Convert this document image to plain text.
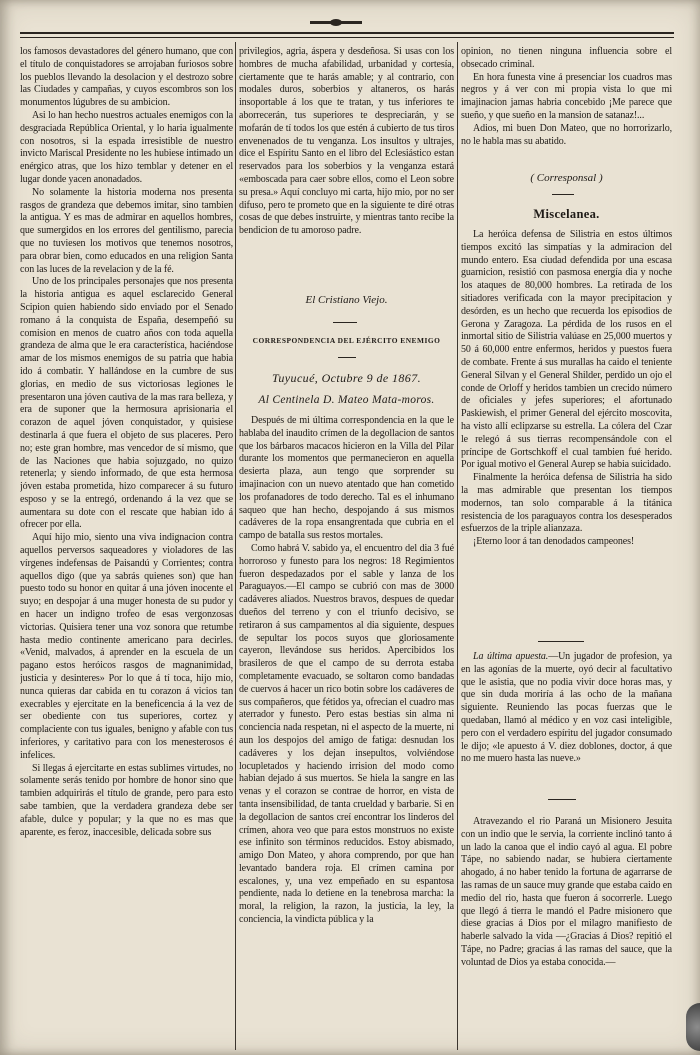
los famosos devastadores del género humano, que con el título de conquistadores se arrojaban furiosos sobre los pueblos llevando la desolacion y el destrozo sobre las Ciudades y campañas, y cuyos escombros son los monumentos lúgubres de su ambicion.

Asi lo han hecho nuestros actuales enemigos con la desgraciada República Oriental, y lo haria igualmente con nosotros, si la espada irresistible de nuestro invicto Mariscal Presidente no les hubiese intimado un enérgico atras, que los hizo temblar y detener en el lugar donde yacen anonadados.

No solamente la historia moderna nos presenta rasgos de grandeza que debemos imitar, sino tambien la antigua. Y es mas de admirar en aquellos hombres, que sumergidos en los errores del gentilismo, parecia que no tuviesen los motivos que tenemos nosotros, para obrar bien, como educados en una religion Santa con las luces de la revelacion y de la fé.

Uno de los principales personajes que nos presenta la historia antigua es aquel esclarecido General Scipion quien habiendo sido enviado por el Senado romano á la conquista de España, desempeñó su comision en menos de cuatro años con toda aquella grandeza de alma que le era característica, haciéndose amar de los mismos enemigos de su patria que habia ido á combatir. Y hallándose en la cumbre de sus glorias, en medio de sus victoriosas legiones le presentaron una jóven cautiva de la mas rara belleza, y era de suponer que la hermosura aprisionaria el corazon de aquel jóven conquistador, y quisiese destinarla á que fuera el objeto de sus placeres. Pero no; este gran hombre, mas vencedor de sí mismo, que de las Naciones que habia sojuzgado, no quizo retenerla; y siendo informado, de que esta hermosa jóven estaba prometida, hizo comparecer á su futuro esposo y se la entregó, ordenando á la vez que se aumentara su dote con el rescate que habian ido á ofrecer por ella.

Aquí hijo mio, siento una viva indignacion contra aquellos perversos saqueadores y violadores de las vírgenes indefensas de Paisandú y Corrientes; contra aquellos digo (que ya sabrás quienes son) que han puesto todo su honor en quitar á una jóven inocente el suyo; en despojar á una muger honesta de su pudor y en hacer un indigno trofeo de esas vergonzosas victorias. Quisiera tener una voz sonora que retumbe hasta medio continente americano para decirles. «Venid, malvados, á aprender en la escuela de un pagano estos heróicos rasgos de magnanimidad, justicia y desinteres» Por lo que á tí toca, hijo mio, nunca quieras dar cabida en tu corazon á vicios tan execrables y ejercitate en la beneficencia á la vez de ser obediente con tus superiores, cortez y complaciente con tus iguales, benigno y afable con tus inferiores, y caritativo para con los menesterosos é infelices.

Si llegas á ejercitarte en estas sublimes virtudes, no solamente serás tenido por hombre de honor sino que tambien adquirirás el título de grande, pero para esto sabe tambien, que la verdadera grandeza debe ser afable, dulce y popular; y la que no es mas que aparente, es feroz, inaccesible, delicada sobre sus

privilegios, agria, áspera y desdeñosa. Si usas con los hombres de mucha afabilidad, urbanidad y cortesía, ciertamente que te harás amable; y al contrario, con modales duros, soberbios y altaneros, os harás insoportable á los que te tratan, y tus inferiores te aborrecerán, tus superiores te despreciarán, y se mofarán de tí todos los que estén á cubierto de tus tiros envenenados de tu venganza. Los insultos y ultrajes, dice el Espíritu Santo en el libro del Eclesiástico estan reservados para los soberbios y la venganza estará «emboscada para caer sobre ellos, como el Leon sobre su presa.» Aquí concluyo mi carta, hijo mio, por no ser difuso, pero te prometo que en la siguiente te diré otras cosas de que debes instruirte, y mientras tanto recibe la bendicion de tu amoroso padre.

El Cristiano Viejo.
CORRESPONDENCIA DEL EJÉRCITO ENEMIGO
Tuyucué, Octubre 9 de 1867.
Al Centinela D. Mateo Mata-moros.

Después de mi última correspondencia en la que le hablaba del inaudito crímen de la degollacion de santos que los bárbaros macacos hicieron en la Villa del Pilar durante los momentos que permanecieron en aquella desierta plaza, aun tengo que sorprender su imajinacion con un nuevo atentado que han cometido los profanadores de todo derecho. Tal es el inhumano saqueo que han hecho, despojando á sus mismos cadáveres de la ropa ensangrentada que cubria en el campo de batalla sus restos mortales.

Como habrá V. sabido ya, el encuentro del dia 3 fué horroroso y funesto para los negros: 18 Regimientos fueron despedazados por el sable y lanza de los Paraguayos.—El campo se cubrió con mas de 3000 cadáveres aliados. Nuestros bravos, despues de quedar dueños del terreno y con el triunfo decisivo, se retiraron á sus campamentos al dia siguiente, despues de sepultar los pocos suyos que gloriosamente cayeron, llevándose sus heridos. Apercibidos los brasileros de que el campo de su derrota estaba completamente evacuado, se soltaron como bandadas de cuervos á hacer un rico botin sobre los cadáveres de sus compañeros, que fétidos ya, ofrecian el cuadro mas aterrador y funesto. Pero estas bestias sin alma ni conciencia nada respetan, ni el aspecto de la muerte, ni aun los despojos del amigo de fatiga: desnudan los cadáveres y los dejan insepultos, volviéndose locupletados y haciendo irrision del modo como habian dejado á sus muertos. Se hiela la sangre en las venas y el corazon se contrae de horror, en vista de tanta insensibilidad, de tanta crueldad y barbarie. Si en la degollacion de santos creí encontrar los linderos del crímen, ahora veo que para estos monstruos no existe ese infinito son términos reducidos. Estoy abismado, amigo Don Mateo, y ahora comprendo, por que han levantado bandera roja. El crímen camina por escalones, y, una vez empeñado en su espantosa pendiente, nada lo detiene en la tenebrosa marcha: la moral, la religion, la razon, la justicia, la ley, la conciencia, la vindicta pública y la

opinion, no tienen ninguna influencia sobre el obsecado criminal.

En hora funesta vine á presenciar los cuadros mas negros y á ver con mi propia vista lo que mi imajinacion jamas habria concebido ¡Me parece que sueño, y que sueño en la mansion de satanaz!...

Adios, mi buen Don Mateo, que no horrorizarlo, no le habla mas su abatido.

( Corresponsal )
Miscelanea.

La heróica defensa de Silistria en estos últimos tiempos excitó las simpatías y la admiracion del mundo entero. Esa ciudad defendida por una escasa guarnicion, resistió con pasmosa energía dia y noche los ataques de 80,000 hombres. La retirada de los sitiadores verificada con la mayor precipitacion y desórden, es un hecho que recuerda los episodios de Gerona y Zaragoza. La pérdida de los rusos en el inmortal sitio de Silistria valúase en 25,000 muertos y 50 á 60,000 entre enfermos, heridos y puestos fuera de combate. Frente á sus murallas ha caido el teniente General Silvan y el General Shilder, perdido un ojo el conde de Orloff y heridos tambien un crecido número de oficiales y jefes superiores; el afortunado Paskiewish, el primer General del ejército moscovita, ha visto allí eclipzarse su estrella. La cólera del Czar le relegó á sus tierras recompensándole con el príncipe de Gortschkoff el cual tambien fué herido. Por igual motivo el General Aurep se habia suicidado.

Finalmente la heróica defensa de Silistria ha sido la mas admirable que presentan los tiempos modernos, tan solo comparable á la titánica resistencia de los paraguayos contra los desesperados esfuerzos de la triple alianzaza.

¡Eterno loor á tan denodados campeones!

La última apuesta.—Un jugador de profesion, ya en las agonías de la muerte, oyó decir al facultativo que le asistia, que no podia vivir doce horas mas, y que sin duda moriría á las ocho de la mañana siguiente. Reuniendo las pocas fuerzas que le quedaban, llamó al médico y en voz casi inteligible, pero con el verdadero espíritu del jugador consumado le dijo; «le apuesto á V. diez doblones, doctor, á que no me muero hasta las nueve.»

Atravezando el rio Paraná un Misionero Jesuita con un indio que le servia, la corriente inclinó tanto á un lado la canoa que el indio cayó al agua. El pobre Tápe, no sabiendo nadar, se hubiera ciertamente ahogado, á no haber tenido la fortuna de agarrarse de las ramas de un sauce muy grande que estaba caido en medio del rio, hasta que fueron á socorrerle. Luego que llegó á tierra le mandó el Padre misionero que diese gracias á Dios por el milagro manifiesto de haberle salvado la vida —¿Gracias á Dios? repitió el Tápe, no Padre; gracias á las ramas del sauce, que la voluntad de Dios ya estaba conocida.—
